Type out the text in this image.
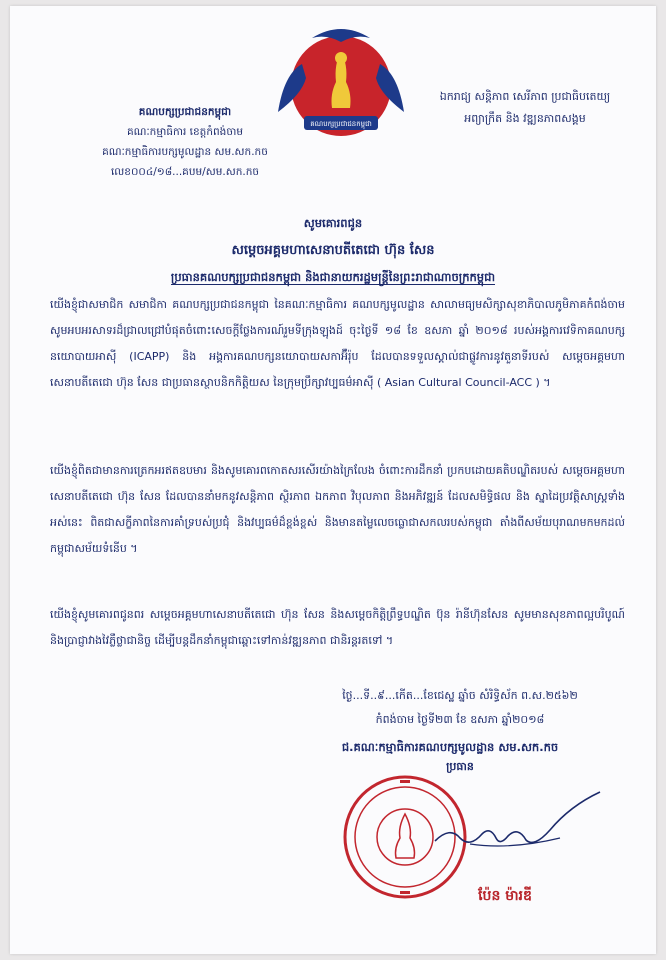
គណបក្សប្រជាជនកម្ពុជា
គណៈកម្មាធិការ ខេត្តកំពង់ចាម
គណៈកម្មាធិការបក្សមូលដ្ឋាន សម.សក.កច
លេខ០០៤/១៨...គបម/សម.សក.កច
គណបក្សប្រជាជនកម្ពុជា
ឯករាជ្យ សន្តិភាព សេរីភាព ប្រជាធិបតេយ្យ
អព្យាក្រឹត និង វឌ្ឍនភាពសង្គម
សូមគោរពជូន
សម្តេចអគ្គមហាសេនាបតីតេជោ ហ៊ុន សែន
ប្រធានគណបក្សប្រជាជនកម្ពុជា និងជានាយករដ្ឋមន្ត្រីនៃព្រះរាជាណាចក្រកម្ពុជា
យើងខ្ញុំជាសមាជិក សមាជិកា គណបក្សប្រជាជនកម្ពុជា នៃគណៈកម្មាធិការ គណបក្សមូលដ្ឋាន សាលាមធ្យមសិក្សាសុខាភិបាលភូមិភាគកំពង់ចាម សូមអបអរសាទរដ៏ជ្រាលជ្រៅបំផុតចំពោះសេចក្តីថ្លែងការណ៍រួមទីក្រុងឡុងដ៍ ចុះថ្ងៃទី ១៨ ខែ ឧសភា ឆ្នាំ ២០១៨ របស់អង្គការវេទិកាគណបក្សនយោបាយអាស៊ី (ICAPP) និង អង្គការគណបក្សនយោបាយសកាអ៊ឺរ៉ុប ដែលបានទទួលស្គាល់ជាផ្លូវការនូវតួនាទីរបស់ សម្តេចអគ្គមហាសេនាបតីតេជោ ហ៊ុន សែន ជាប្រធានស្ថាបនិកកិត្តិយស នៃក្រុមប្រឹក្សាវប្បធម៌អាស៊ី ( Asian Cultural Council-ACC ) ។
យើងខ្ញុំពិតជាមានការត្រេកអរឥតឧបមារ និងសូមគោរពកោតសរសើរយ៉ាងក្រៃលែង ចំពោះការដឹកនាំ ប្រកបដោយគតិបណ្ឌិតរបស់ សម្តេចអគ្គមហាសេនាបតីតេជោ ហ៊ុន សែន ដែលបាននាំមកនូវសន្តិភាព ស្ថិរភាព ឯកភាព វិបុលភាព និងអភិវឌ្ឍន៍ ដែលសមិទ្ធិផល និង ស្នាដៃប្រវត្តិសាស្ត្រទាំងអស់នេះ ពិតជាសក្ខីភាពនៃការគាំទ្របស់ប្រជុំ និងវប្បធម៌ដ៏ខ្ពង់ខ្ពស់ និងមានតម្លៃលេចធ្លោជាសកលរបស់កម្ពុជា តាំងពីសម័យបុរាណមកមកដល់កម្ពុជាសម័យទំនើប ។
យើងខ្ញុំសូមគោរពជូនពរ សម្តេចអគ្គមហាសេនាបតីតេជោ ហ៊ុន សែន និងសម្តេចកិត្តិព្រឹទ្ធបណ្ឌិត ប៊ុន រ៉ានីហ៊ុនសែន សូមមានសុខភាពល្អបរិបូណ៍ និងប្រាជ្ញាវាងវៃភ្លឺថ្លាជានិច្ច ដើម្បីបន្តដឹកនាំកម្ពុជាឆ្ពោះទៅកាន់វឌ្ឍនភាព ជានិរន្តរតទៅ ។
ថ្ងៃ...ទី..៩...កើត...ខែជេស្ឋ ឆ្នាំច សំរិទ្ធិស័ក ព.ស.២៥៦២
កំពង់ចាម ថ្ងៃទី២៣ ខែ ឧសភា ឆ្នាំ២០១៨
ជ.គណៈកម្មាធិការគណបក្សមូលដ្ឋាន សម.សក.កច
ប្រធាន
ប៉ែន ម៉ារឌី
